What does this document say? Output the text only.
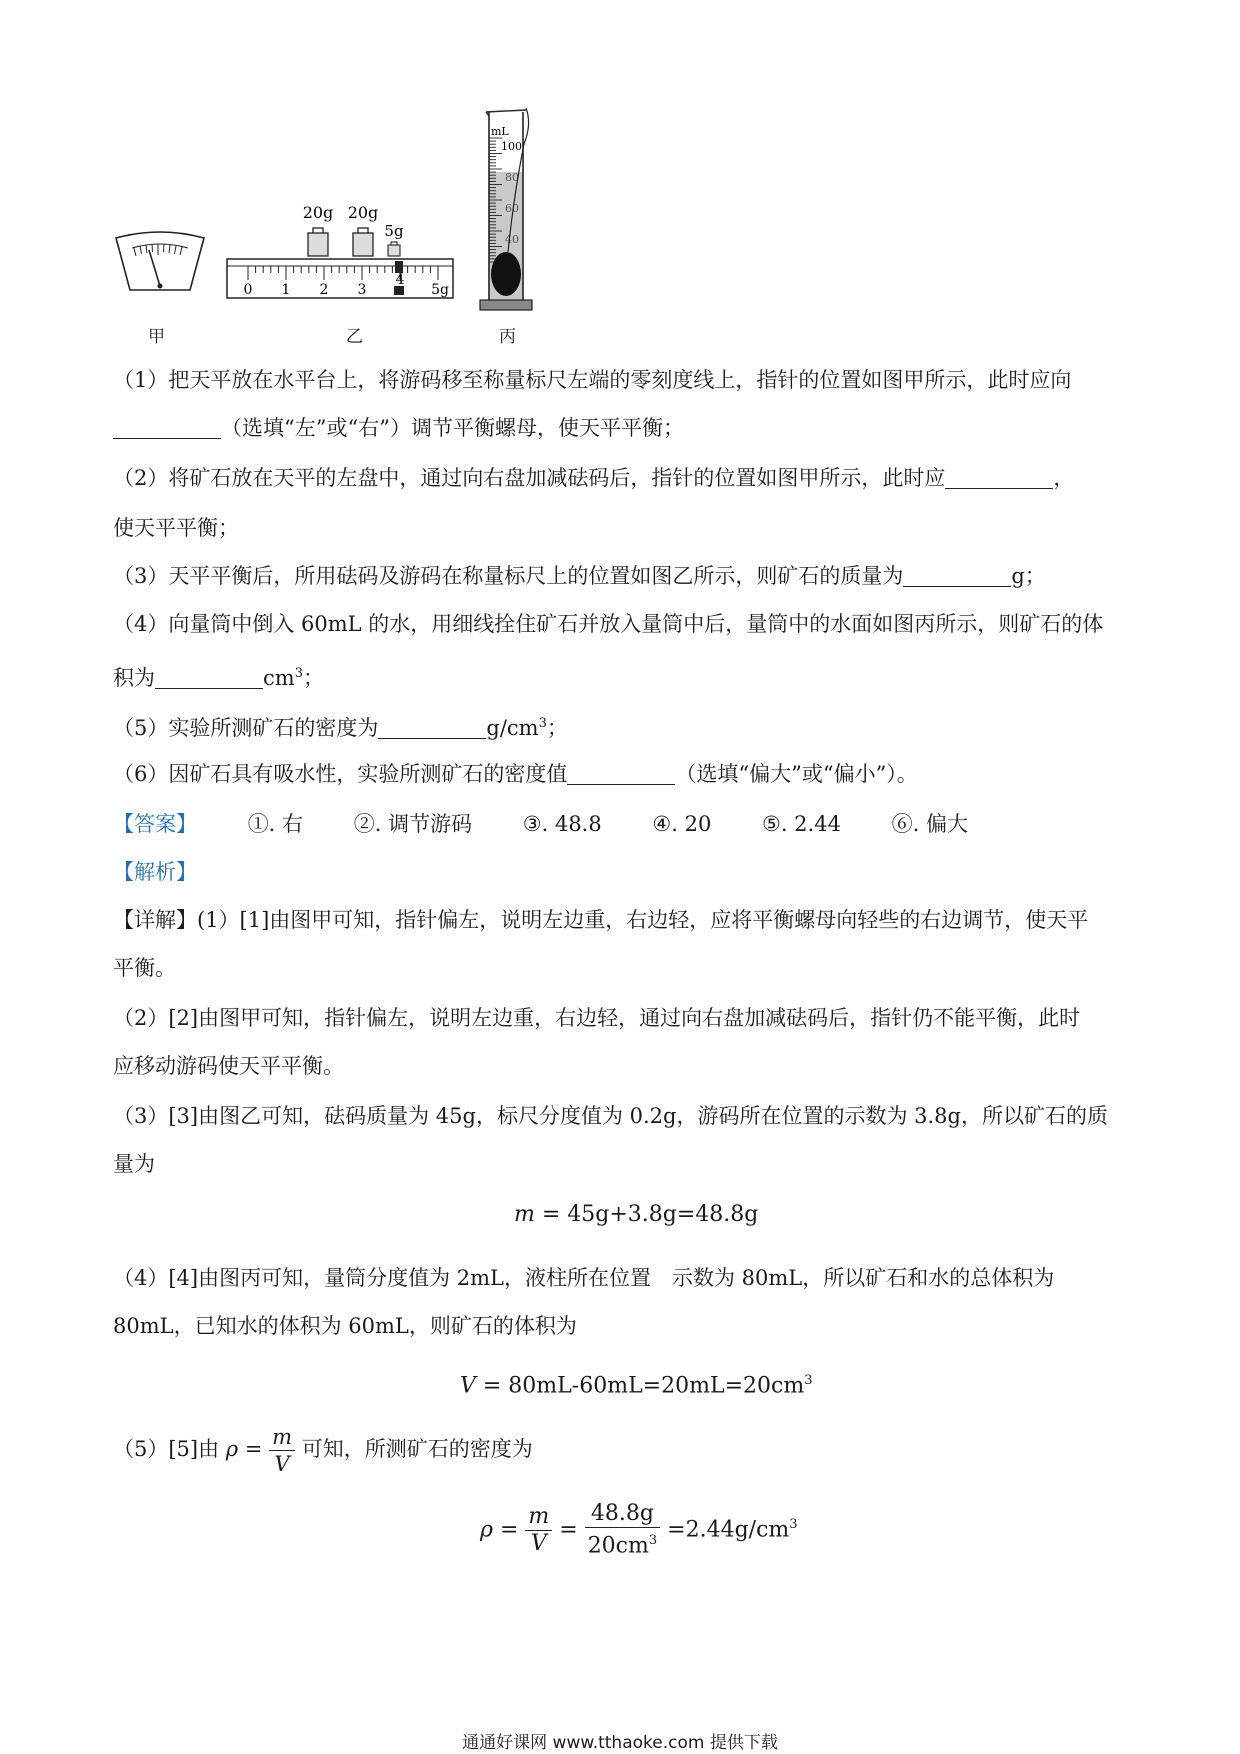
甲
20g 20g
5g
0 1 2 3
4
5g
乙
mL
100
80
60
40
丙
（1）把天平放在水平台上，将游码移至称量标尺左端的零刻度线上，指针的位置如图甲所示，此时应向
（选填“左”或“右”）调节平衡螺母，使天平平衡；
（2）将矿石放在天平的左盘中，通过向右盘加减砝码后，指针的位置如图甲所示，此时应	，
使天平平衡；
（3）天平平衡后，所用砝码及游码在称量标尺上的位置如图乙所示，则矿石的质量为	g；
（4）向量筒中倒入 60mL 的水，用细线拴住矿石并放入量筒中后，量筒中的水面如图丙所示，则矿石的体
积为	$cm^3$；
（5）实验所测矿石的密度为	$g/cm^3$；
（6）因矿石具有吸水性，实验所测矿石的密度值	（选填“偏大”或“偏小”）。
【答案】 ①. 右 ②. 调节游码 ③. 48.8 ④. 20 ⑤. 2.44 ⑥. 偏大
【解析】
【详解】(1）[1]由图甲可知，指针偏左，说明左边重，右边轻，应将平衡螺母向轻些的右边调节，使天平
平衡。
（2）[2]由图甲可知，指针偏左，说明左边重，右边轻，通过向右盘加减砝码后，指针仍不能平衡，此时
应移动游码使天平平衡。
（3）[3]由图乙可知，砝码质量为 45g，标尺分度值为 0.2g，游码所在位置的示数为 3.8g，所以矿石的质
量为
m = 45g+3.8g=48.8g
（4）[4]由图丙可知，量筒分度值为 2mL，液柱所在位置　示数为 80mL，所以矿石和水的总体积为
80mL，已知水的体积为 60mL，则矿石的体积为
$V = 80mL-60mL=20mL=20cm^3$
（5）[5]由 $\rho = \frac{m}{V}$ 可知，所测矿石的密度为
$\rho = \frac{m}{V} = \frac{48.8g}{20cm^3} =2.44g/cm^3$
通通好课网 www.tthaoke.com 提供下载
